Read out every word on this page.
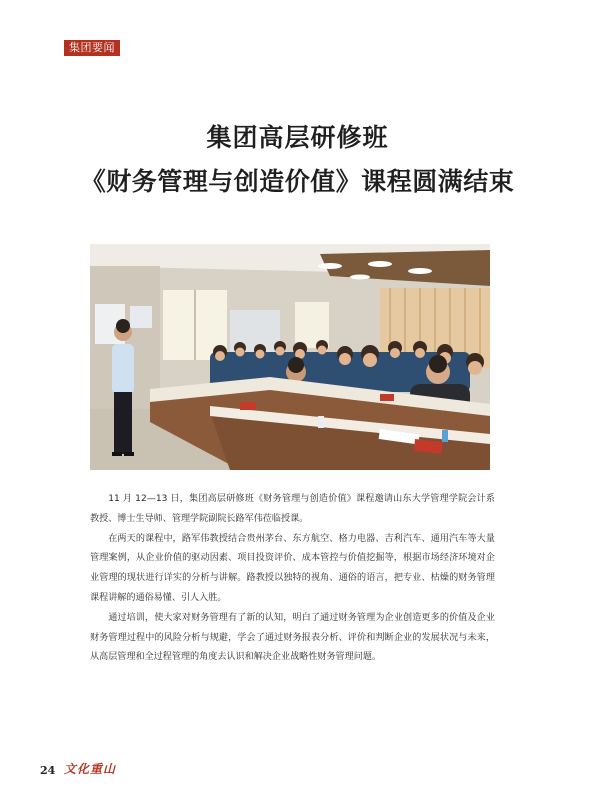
集团要闻
集团高层研修班
《财务管理与创造价值》课程圆满结束

11 月 12—13 日，集团高层研修班《财务管理与创造价值》课程邀请山东大学管理学院会计系教授、博士生导师、管理学院副院长路军伟莅临授课。

在两天的课程中，路军伟教授结合贵州茅台、东方航空、格力电器、吉利汽车、通用汽车等大量管理案例，从企业价值的驱动因素、项目投资评价、成本管控与价值挖掘等，根据市场经济环境对企业管理的现状进行详实的分析与讲解。路教授以独特的视角、通俗的语言，把专业、枯燥的财务管理课程讲解的通俗易懂、引人入胜。

通过培训，使大家对财务管理有了新的认知，明白了通过财务管理为企业创造更多的价值及企业财务管理过程中的风险分析与规避，学会了通过财务报表分析、评价和判断企业的发展状况与未来，从高层管理和全过程管理的角度去认识和解决企业战略性财务管理问题。

24 文化重山
